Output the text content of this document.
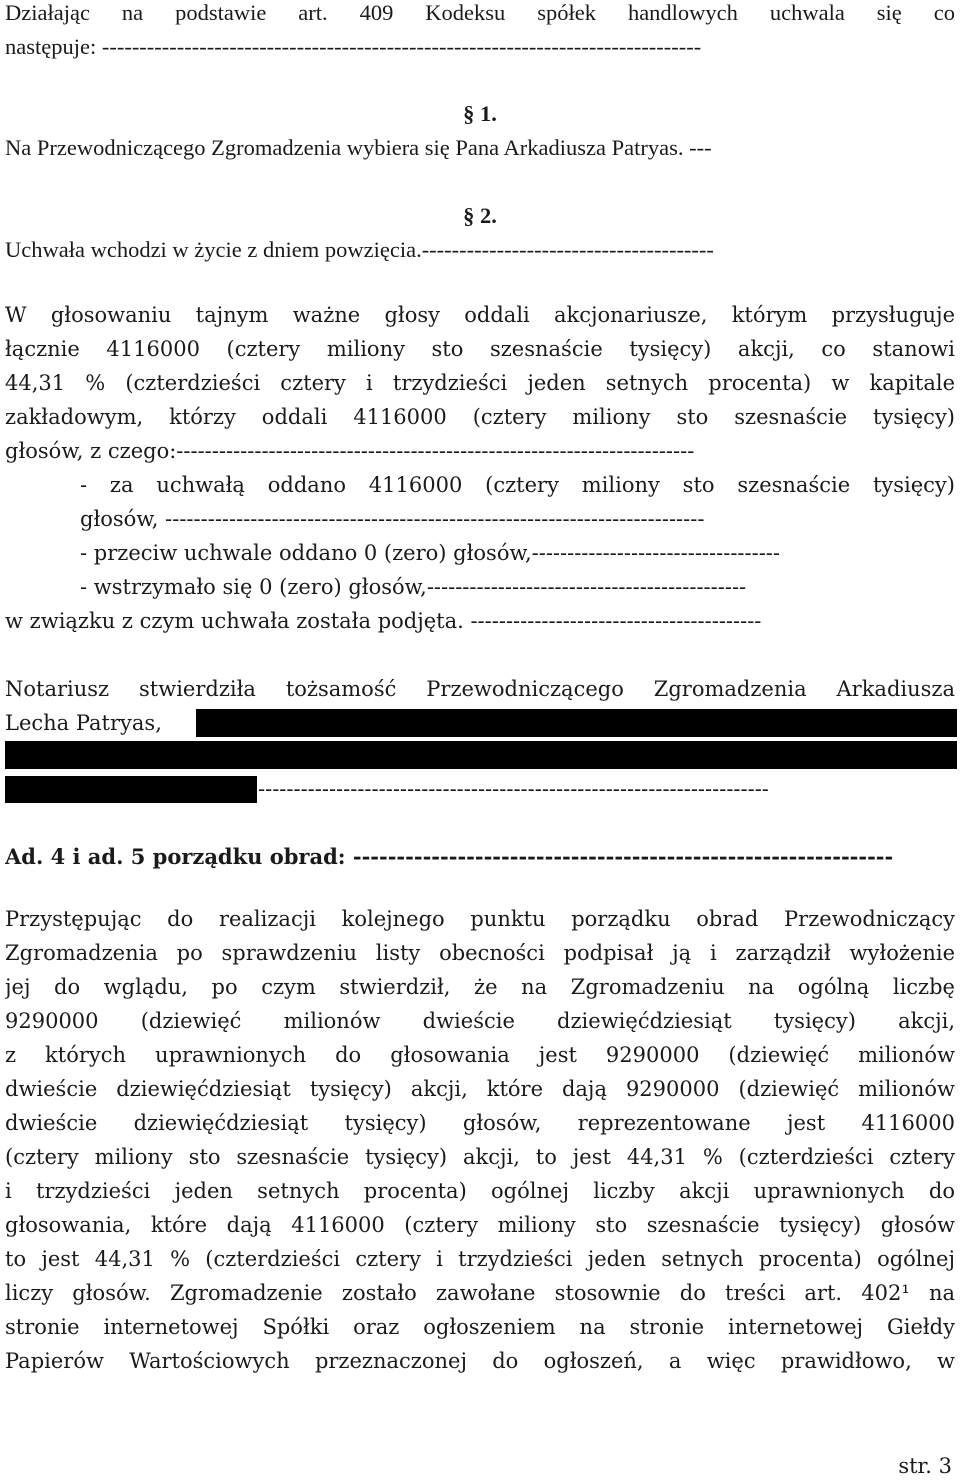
Działając na podstawie art. 409 Kodeksu spółek handlowych uchwala się co
następuje: --------------------------------------------------------------------------------
§ 1.
Na Przewodniczącego Zgromadzenia wybiera się Pana Arkadiusza Patryas. ---
§ 2.
Uchwała wchodzi w życie z dniem powzięcia.---------------------------------------
W głosowaniu tajnym ważne głosy oddali akcjonariusze, którym przysługuje
łącznie 4116000 (cztery miliony sto szesnaście tysięcy) akcji, co stanowi
44,31 % (czterdzieści cztery i trzydzieści jeden setnych procenta) w kapitale
zakładowym, którzy oddali 4116000 (cztery miliony sto szesnaście tysięcy)
głosów, z czego:-------------------------------------------------------------------------
- za uchwałą oddano 4116000 (cztery miliony sto szesnaście tysięcy)
głosów, ----------------------------------------------------------------------------
- przeciw uchwale oddano 0 (zero) głosów,-----------------------------------
- wstrzymało się 0 (zero) głosów,---------------------------------------------
w związku z czym uchwała została podjęta. -----------------------------------------
Notariusz stwierdziła tożsamość Przewodniczącego Zgromadzenia Arkadiusza
Lecha Patryas,
------------------------------------------------------------------------
Ad. 4 i ad. 5 porządku obrad: --------------------------------------------------------------
Przystępując do realizacji kolejnego punktu porządku obrad Przewodniczący
Zgromadzenia po sprawdzeniu listy obecności podpisał ją i zarządził wyłożenie
jej do wglądu, po czym stwierdził, że na Zgromadzeniu na ogólną liczbę
9290000 (dziewięć milionów dwieście dziewięćdziesiąt tysięcy) akcji,
z których uprawnionych do głosowania jest 9290000 (dziewięć milionów
dwieście dziewięćdziesiąt tysięcy) akcji, które dają 9290000 (dziewięć milionów
dwieście dziewięćdziesiąt tysięcy) głosów, reprezentowane jest 4116000
(cztery miliony sto szesnaście tysięcy) akcji, to jest 44,31 % (czterdzieści cztery
i trzydzieści jeden setnych procenta) ogólnej liczby akcji uprawnionych do
głosowania, które dają 4116000 (cztery miliony sto szesnaście tysięcy) głosów
to jest 44,31 % (czterdzieści cztery i trzydzieści jeden setnych procenta) ogólnej
liczy głosów. Zgromadzenie zostało zawołane stosownie do treści art. 402¹ na
stronie internetowej Spółki oraz ogłoszeniem na stronie internetowej Giełdy
Papierów Wartościowych przeznaczonej do ogłoszeń, a więc prawidłowo, w
str. 3
